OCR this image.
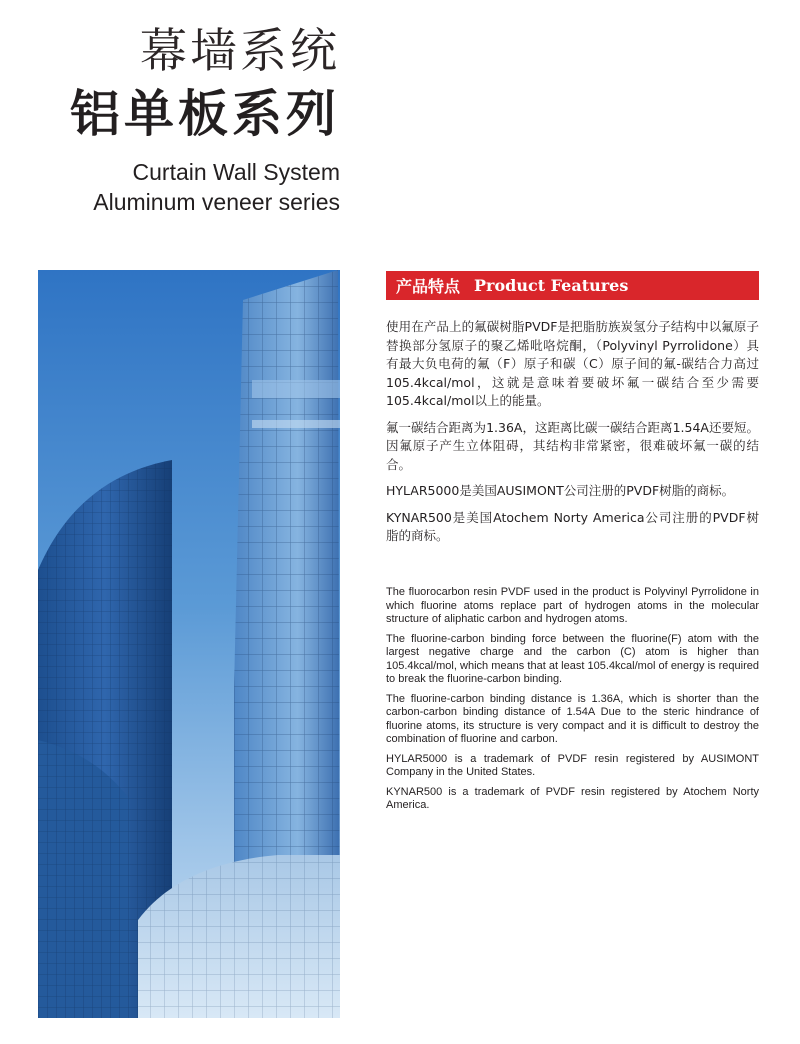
幕墙系统
铝单板系列
Curtain Wall System
Aluminum veneer series
产品特点 Product Features

使用在产品上的氟碳树脂PVDF是把脂肪族炭氢分子结构中以氟原子替换部分氢原子的聚乙烯吡咯烷酮，（Polyvinyl Pyrrolidone）具有最大负电荷的氟（F）原子和碳（C）原子间的氟-碳结合力高过105.4kcal/mol，这就是意味着要破坏氟一碳结合至少需要105.4kcal/mol以上的能量。

氟一碳结合距离为1.36A，这距离比碳一碳结合距离1.54A还要短。因氟原子产生立体阻碍，其结构非常紧密，很难破坏氟一碳的结合。

HYLAR5000是美国AUSIMONT公司注册的PVDF树脂的商标。

KYNAR500是美国Atochem Norty America公司注册的PVDF树脂的商标。

The fluorocarbon resin PVDF used in the product is Polyvinyl Pyrrolidone in which fluorine atoms replace part of hydrogen atoms in the molecular structure of aliphatic carbon and hydrogen atoms.

The fluorine-carbon binding force between the fluorine(F) atom with the largest negative charge and the carbon (C) atom is higher than 105.4kcal/mol, which means that at least 105.4kcal/mol of energy is required to break the fluorine-carbon binding.

The fluorine-carbon binding distance is 1.36A, which is shorter than the carbon-carbon binding distance of 1.54A Due to the steric hindrance of fluorine atoms, its structure is very compact and it is difficult to destroy the combination of fluorine and carbon.

HYLAR5000 is a trademark of PVDF resin registered by AUSIMONT Company in the United States.

KYNAR500 is a trademark of PVDF resin registered by Atochem Norty America.
